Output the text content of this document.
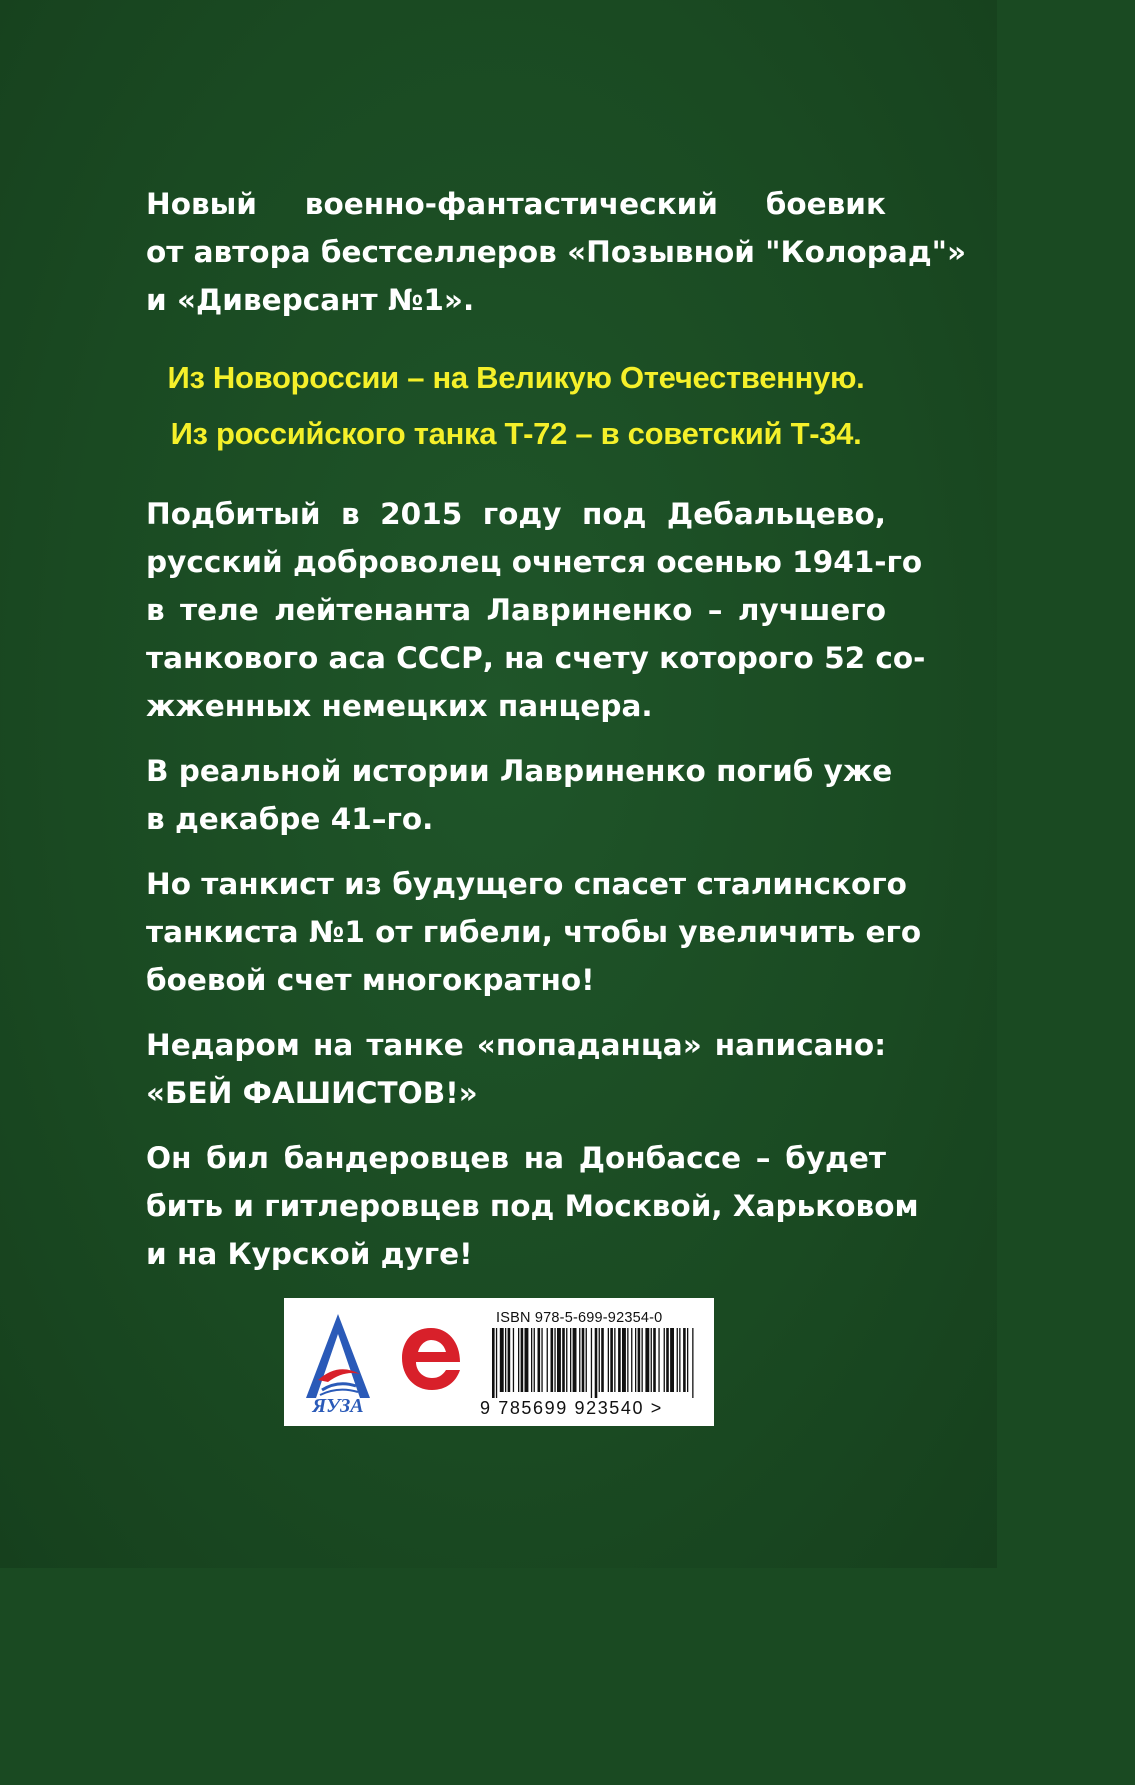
Новый военно-фантастический боевик
от автора бестселлеров «Позывной "Колорад"»
и «Диверсант №1».
Из Новороссии – на Великую Отечественную.
Из российского танка Т-72 – в советский Т-34.
Подбитый в 2015 году под Дебальцево,
русский доброволец очнется осенью 1941-го
в теле лейтенанта Лавриненко – лучшего
танкового аса СССР, на счету которого 52 со-
жженных немецких панцера.
В реальной истории Лавриненко погиб уже
в декабре 41–го.
Но танкист из будущего спасет сталинского
танкиста №1 от гибели, чтобы увеличить его
боевой счет многократно!
Недаром на танке «попаданца» написано:
«БЕЙ ФАШИСТОВ!»
Он бил бандеровцев на Донбассе – будет
бить и гитлеровцев под Москвой, Харьковом
и на Курской дуге!
ЯУЗА
ISBN 978-5-699-92354-0
9 785699 923540 >
